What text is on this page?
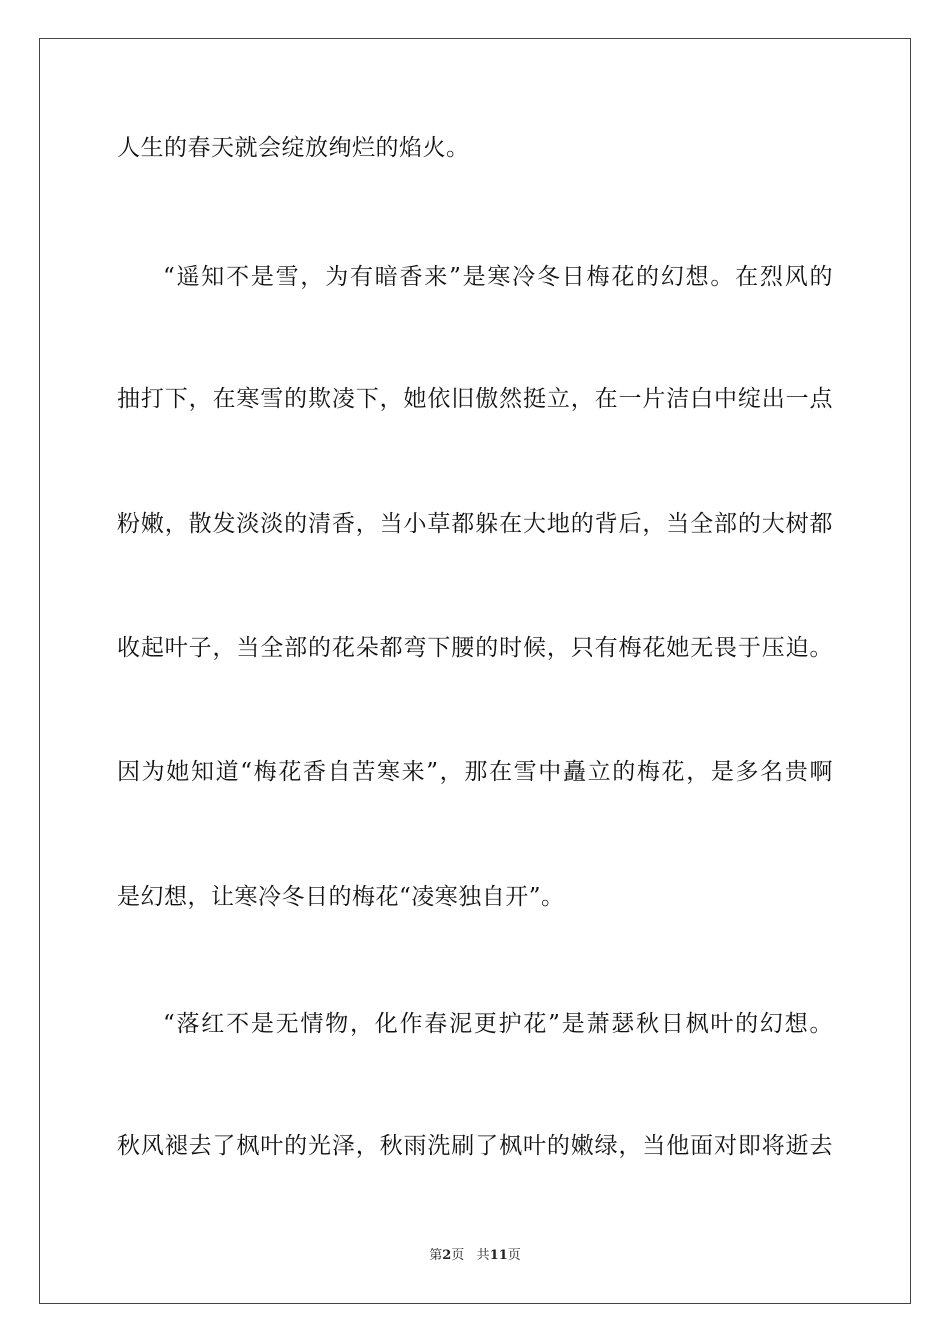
人生的春天就会绽放绚烂的焰火。
“遥知不是雪，为有暗香来”是寒冷冬日梅花的幻想。在烈风的
抽打下，在寒雪的欺凌下，她依旧傲然挺立，在一片洁白中绽出一点
粉嫩，散发淡淡的清香，当小草都躲在大地的背后，当全部的大树都
收起叶子，当全部的花朵都弯下腰的时候，只有梅花她无畏于压迫。
因为她知道“梅花香自苦寒来”，那在雪中矗立的梅花，是多名贵啊
是幻想，让寒冷冬日的梅花“凌寒独自开”。
“落红不是无情物，化作春泥更护花”是萧瑟秋日枫叶的幻想。
秋风褪去了枫叶的光泽，秋雨洗刷了枫叶的嫩绿，当他面对即将逝去
第2页 共11页
